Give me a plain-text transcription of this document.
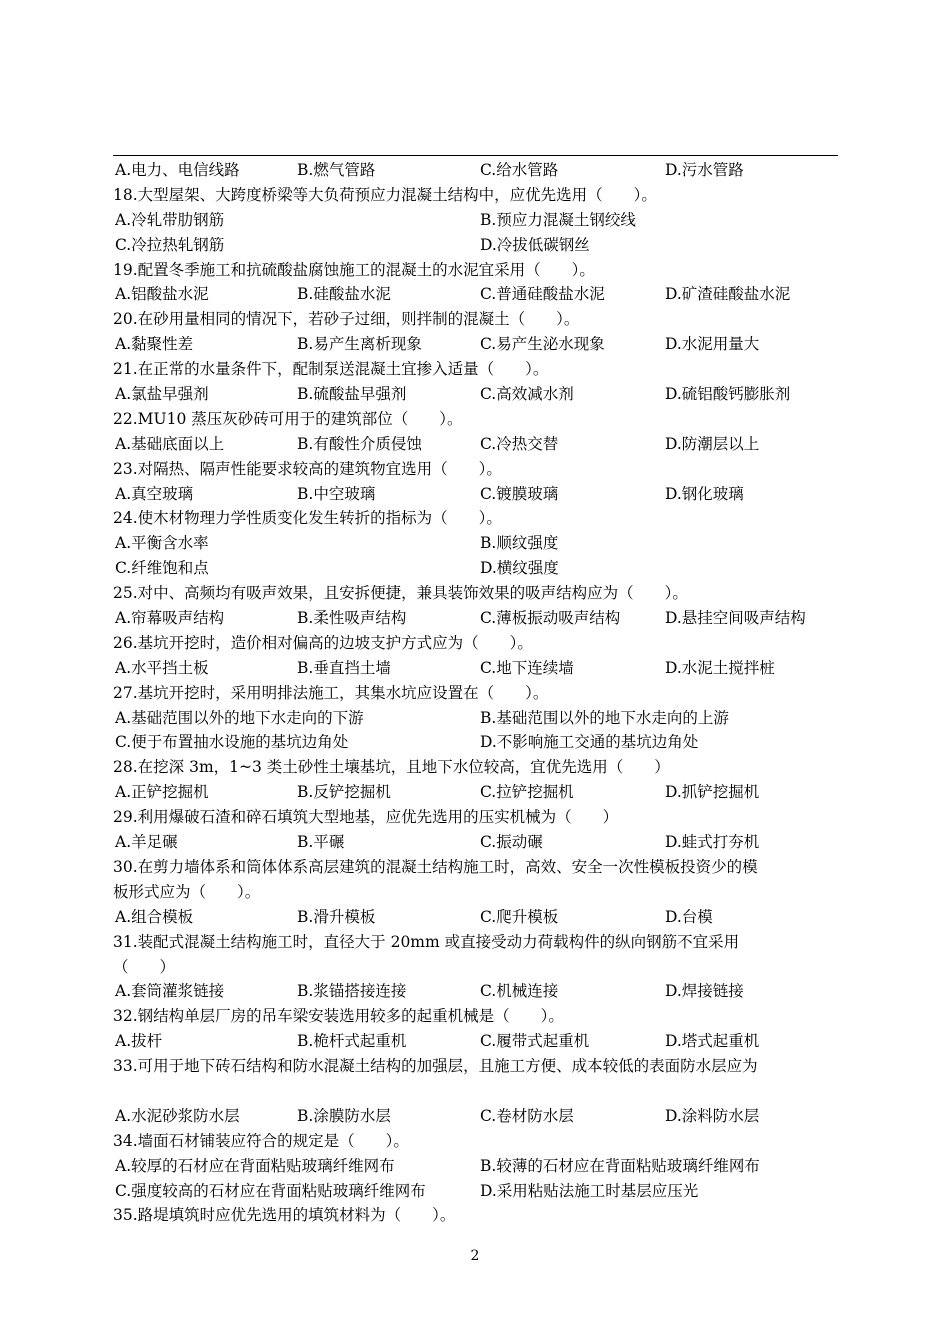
A.电力、电信线路	B.燃气管路	C.给水管路	D.污水管路
18.大型屋架、大跨度桥梁等大负荷预应力混凝土结构中，应优先选用（　　）。
A.冷轧带肋钢筋	B.预应力混凝土钢绞线
C.冷拉热轧钢筋	D.冷拔低碳钢丝
19.配置冬季施工和抗硫酸盐腐蚀施工的混凝土的水泥宜采用（　　）。
A.铝酸盐水泥	B.硅酸盐水泥	C.普通硅酸盐水泥	D.矿渣硅酸盐水泥
20.在砂用量相同的情况下，若砂子过细，则拌制的混凝土（　　）。
A.黏聚性差	B.易产生离析现象	C.易产生泌水现象	D.水泥用量大
21.在正常的水量条件下，配制泵送混凝土宜掺入适量（　　）。
A.氯盐早强剂	B.硫酸盐早强剂	C.高效减水剂	D.硫铝酸钙膨胀剂
22.MU10 蒸压灰砂砖可用于的建筑部位（　　）。
A.基础底面以上	B.有酸性介质侵蚀	C.冷热交替	D.防潮层以上
23.对隔热、隔声性能要求较高的建筑物宜选用（　　）。
A.真空玻璃	B.中空玻璃	C.镀膜玻璃	D.钢化玻璃
24.使木材物理力学性质变化发生转折的指标为（　　）。
A.平衡含水率	B.顺纹强度
C.纤维饱和点	D.横纹强度
25.对中、高频均有吸声效果，且安拆便捷，兼具装饰效果的吸声结构应为（　　）。
A.帘幕吸声结构	B.柔性吸声结构	C.薄板振动吸声结构	D.悬挂空间吸声结构
26.基坑开挖时，造价相对偏高的边坡支护方式应为（　　）。
A.水平挡土板	B.垂直挡土墙	C.地下连续墙	D.水泥土搅拌桩
27.基坑开挖时，采用明排法施工，其集水坑应设置在（　　）。
A.基础范围以外的地下水走向的下游	B.基础范围以外的地下水走向的上游
C.便于布置抽水设施的基坑边角处	D.不影响施工交通的基坑边角处
28.在挖深 3m，1~3 类土砂性土壤基坑，且地下水位较高，宜优先选用（　　）
A.正铲挖掘机	B.反铲挖掘机	C.拉铲挖掘机	D.抓铲挖掘机
29.利用爆破石渣和碎石填筑大型地基，应优先选用的压实机械为（　　）
A.羊足碾	B.平碾	C.振动碾	D.蛙式打夯机
30.在剪力墙体系和筒体体系高层建筑的混凝土结构施工时，高效、安全一次性模板投资少的模
板形式应为（　　）。
A.组合模板	B.滑升模板	C.爬升模板	D.台模
31.装配式混凝土结构施工时，直径大于 20mm 或直接受动力荷载构件的纵向钢筋不宜采用
（　　）
A.套筒灌浆链接	B.浆锚搭接连接	C.机械连接	D.焊接链接
32.钢结构单层厂房的吊车梁安装选用较多的起重机械是（　　）。
A.拔杆	B.桅杆式起重机	C.履带式起重机	D.塔式起重机
33.可用于地下砖石结构和防水混凝土结构的加强层，且施工方便、成本较低的表面防水层应为
A.水泥砂浆防水层	B.涂膜防水层	C.卷材防水层	D.涂料防水层
34.墙面石材铺装应符合的规定是（　　）。
A.较厚的石材应在背面粘贴玻璃纤维网布	B.较薄的石材应在背面粘贴玻璃纤维网布
C.强度较高的石材应在背面粘贴玻璃纤维网布	D.采用粘贴法施工时基层应压光
35.路堤填筑时应优先选用的填筑材料为（　　）。
2
